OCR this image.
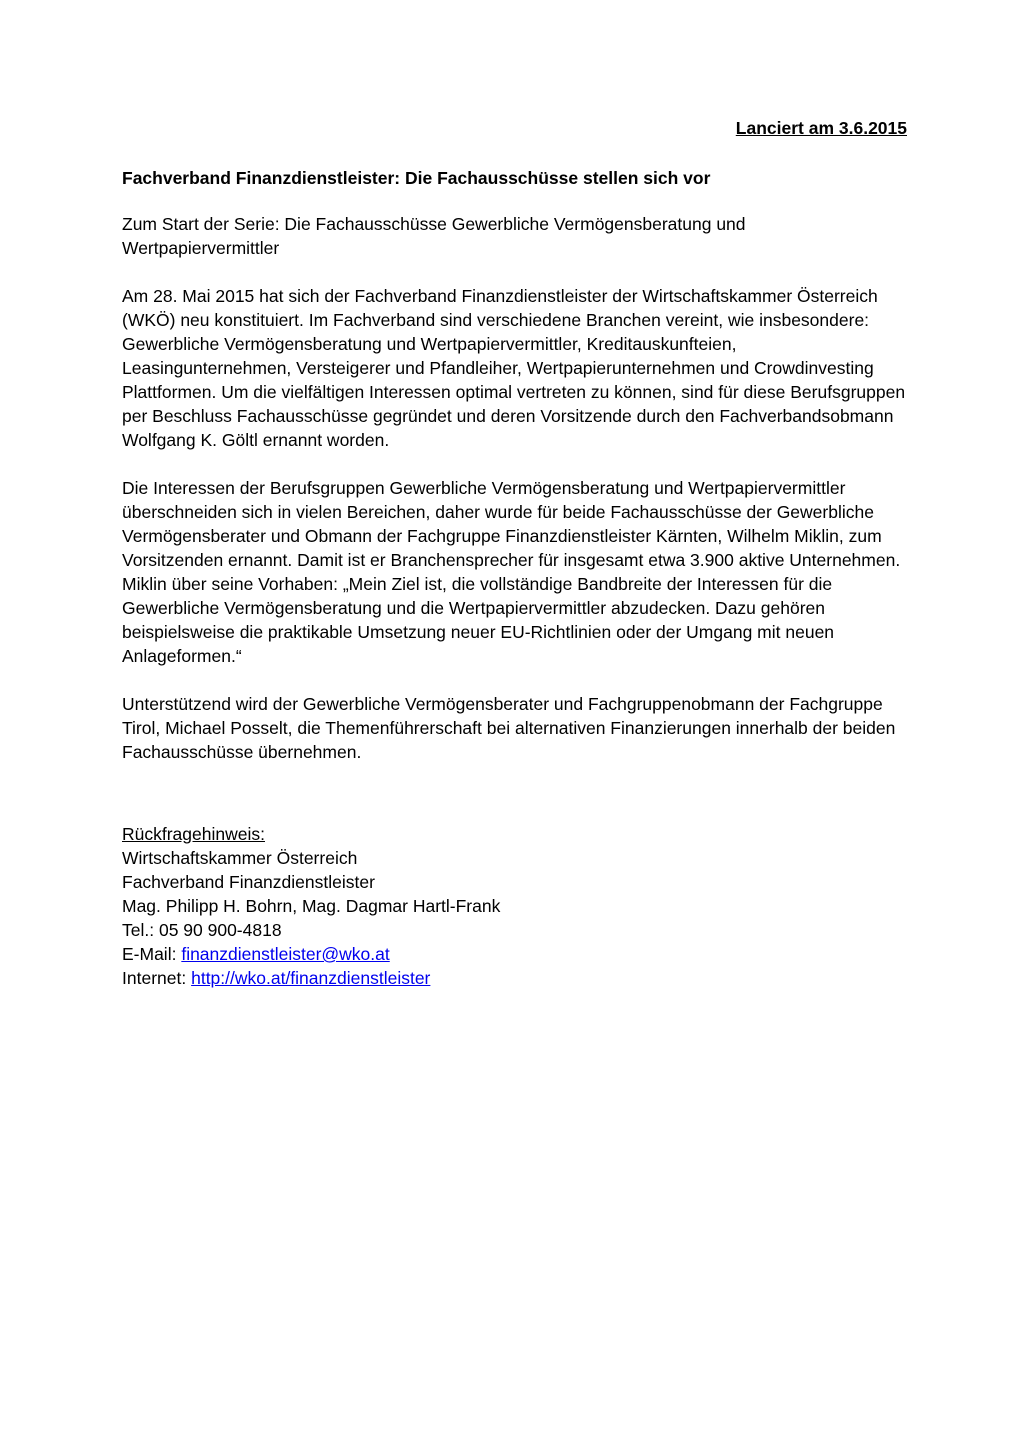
Lanciert am 3.6.2015
Fachverband Finanzdienstleister: Die Fachausschüsse stellen sich vor
Zum Start der Serie: Die Fachausschüsse Gewerbliche Vermögensberatung und Wertpapiervermittler
Am 28. Mai 2015 hat sich der Fachverband Finanzdienstleister der Wirtschaftskammer Österreich (WKÖ) neu konstituiert. Im Fachverband sind verschiedene Branchen vereint, wie insbesondere: Gewerbliche Vermögensberatung und Wertpapiervermittler, Kreditauskunfteien, Leasingunternehmen, Versteigerer und Pfandleiher, Wertpapierunternehmen und Crowdinvesting Plattformen. Um die vielfältigen Interessen optimal vertreten zu können, sind für diese Berufsgruppen per Beschluss Fachausschüsse gegründet und deren Vorsitzende durch den Fachverbandsobmann Wolfgang K. Göltl ernannt worden.
Die Interessen der Berufsgruppen Gewerbliche Vermögensberatung und Wertpapiervermittler überschneiden sich in vielen Bereichen, daher wurde für beide Fachausschüsse der Gewerbliche Vermögensberater und Obmann der Fachgruppe Finanzdienstleister Kärnten, Wilhelm Miklin, zum Vorsitzenden ernannt. Damit ist er Branchensprecher für insgesamt etwa 3.900 aktive Unternehmen. Miklin über seine Vorhaben: „Mein Ziel ist, die vollständige Bandbreite der Interessen für die Gewerbliche Vermögensberatung und die Wertpapiervermittler abzudecken. Dazu gehören beispielsweise die praktikable Umsetzung neuer EU-Richtlinien oder der Umgang mit neuen Anlageformen.“
Unterstützend wird der Gewerbliche Vermögensberater und Fachgruppenobmann der Fachgruppe Tirol, Michael Posselt, die Themenführerschaft bei alternativen Finanzierungen innerhalb der beiden Fachausschüsse übernehmen.
Rückfragehinweis:
Wirtschaftskammer Österreich
Fachverband Finanzdienstleister
Mag. Philipp H. Bohrn, Mag. Dagmar Hartl-Frank
Tel.: 05 90 900-4818
E-Mail: finanzdienstleister@wko.at
Internet: http://wko.at/finanzdienstleister
